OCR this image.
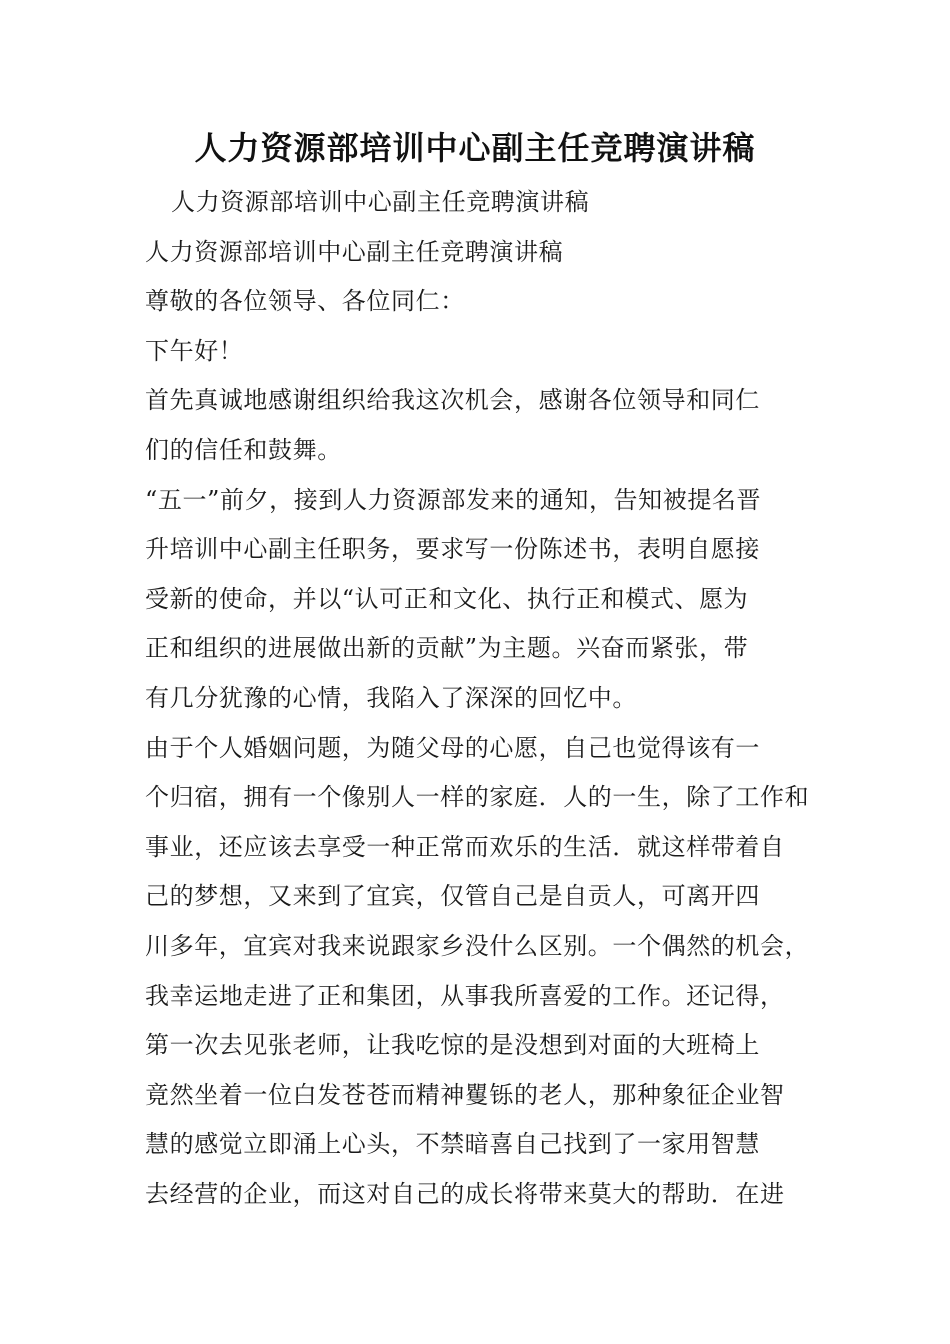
人力资源部培训中心副主任竞聘演讲稿
人力资源部培训中心副主任竞聘演讲稿
人力资源部培训中心副主任竞聘演讲稿
尊敬的各位领导、各位同仁：
下午好！
首先真诚地感谢组织给我这次机会，感谢各位领导和同仁
们的信任和鼓舞。
“五一”前夕，接到人力资源部发来的通知，告知被提名晋
升培训中心副主任职务，要求写一份陈述书，表明自愿接
受新的使命，并以“认可正和文化、执行正和模式、愿为
正和组织的进展做出新的贡献”为主题。兴奋而紧张，带
有几分犹豫的心情，我陷入了深深的回忆中。
由于个人婚姻问题，为随父母的心愿，自己也觉得该有一
个归宿，拥有一个像别人一样的家庭．人的一生，除了工作和
事业，还应该去享受一种正常而欢乐的生活．就这样带着自
己的梦想，又来到了宜宾，仅管自己是自贡人，可离开四
川多年，宜宾对我来说跟家乡没什么区别。一个偶然的机会，
我幸运地走进了正和集团，从事我所喜爱的工作。还记得，
第一次去见张老师，让我吃惊的是没想到对面的大班椅上
竟然坐着一位白发苍苍而精神矍铄的老人，那种象征企业智
慧的感觉立即涌上心头，不禁暗喜自己找到了一家用智慧
去经营的企业，而这对自己的成长将带来莫大的帮助．在进
